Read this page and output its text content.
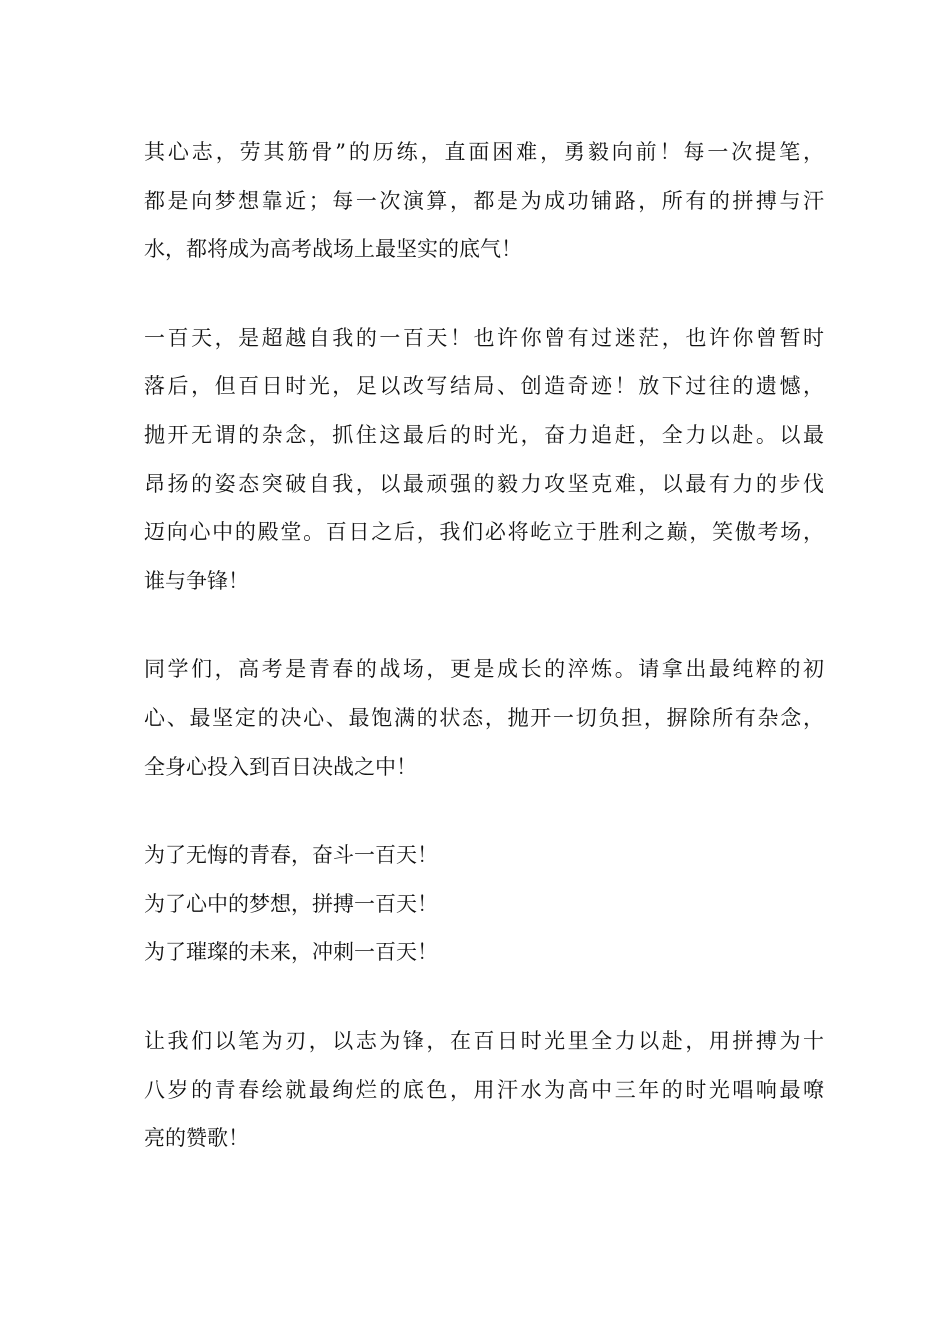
其心志，劳其筋骨”的历练，直面困难，勇毅向前！每一次提笔，
都是向梦想靠近；每一次演算，都是为成功铺路，所有的拼搏与汗
水，都将成为高考战场上最坚实的底气！

一百天，是超越自我的一百天！也许你曾有过迷茫，也许你曾暂时
落后，但百日时光，足以改写结局、创造奇迹！放下过往的遗憾，
抛开无谓的杂念，抓住这最后的时光，奋力追赶，全力以赴。以最
昂扬的姿态突破自我，以最顽强的毅力攻坚克难，以最有力的步伐
迈向心中的殿堂。百日之后，我们必将屹立于胜利之巅，笑傲考场，
谁与争锋！

同学们，高考是青春的战场，更是成长的淬炼。请拿出最纯粹的初
心、最坚定的决心、最饱满的状态，抛开一切负担，摒除所有杂念，
全身心投入到百日决战之中！

为了无悔的青春，奋斗一百天！
为了心中的梦想，拼搏一百天！
为了璀璨的未来，冲刺一百天！

让我们以笔为刃，以志为锋，在百日时光里全力以赴，用拼搏为十
八岁的青春绘就最绚烂的底色，用汗水为高中三年的时光唱响最嘹
亮的赞歌！
